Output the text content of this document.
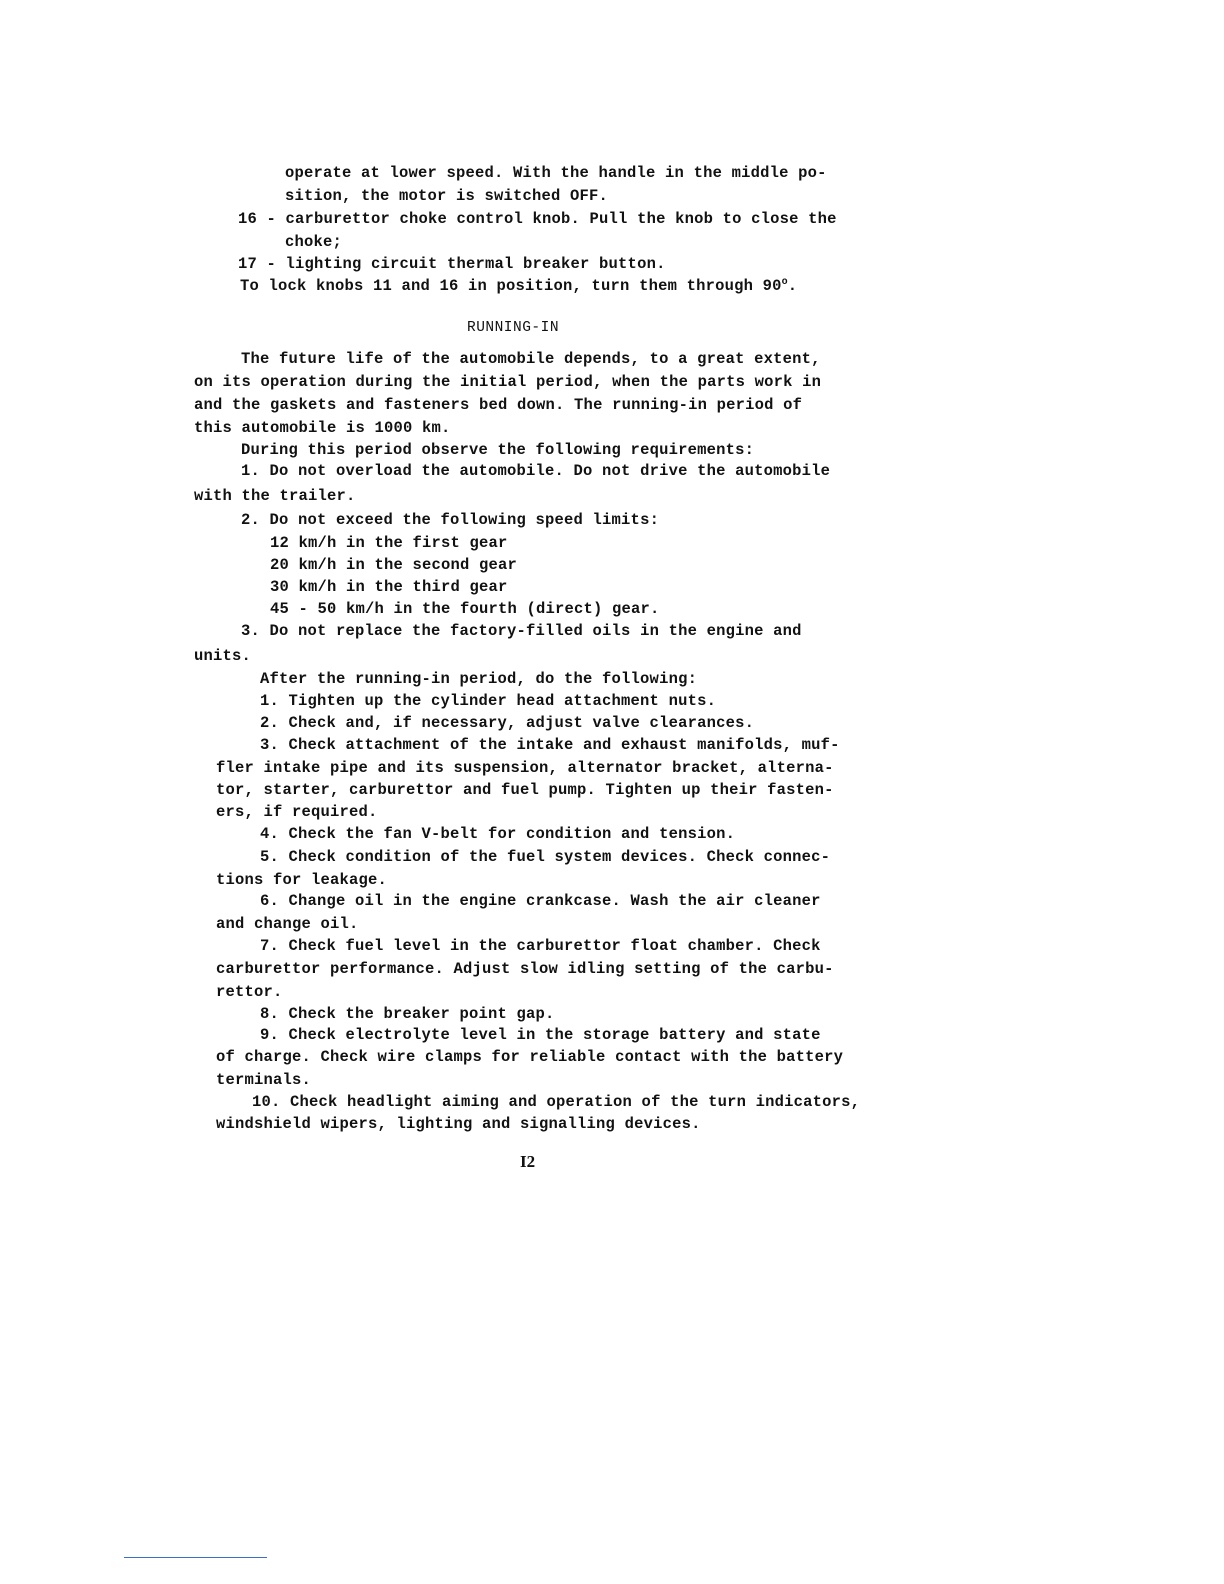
operate at lower speed. With the handle in the middle po-
sition, the motor is switched OFF.
16 - carburettor choke control knob. Pull the knob to close the
choke;
17 - lighting circuit thermal breaker button.
To lock knobs 11 and 16 in position, turn them through 90$^o$.
RUNNING-IN
The future life of the automobile depends, to a great extent,
on its operation during the initial period, when the parts work in
and the gaskets and fasteners bed down. The running-in period of
this automobile is 1000 km.
During this period observe the following requirements:
1. Do not overload the automobile. Do not drive the automobile
with the trailer.
2. Do not exceed the following speed limits:
12 km/h in the first gear
20 km/h in the second gear
30 km/h in the third gear
45 - 50 km/h in the fourth (direct) gear.
3. Do not replace the factory-filled oils in the engine and
units.
After the running-in period, do the following:
1. Tighten up the cylinder head attachment nuts.
2. Check and, if necessary, adjust valve clearances.
3. Check attachment of the intake and exhaust manifolds, muf-
fler intake pipe and its suspension, alternator bracket, alterna-
tor, starter, carburettor and fuel pump. Tighten up their fasten-
ers, if required.
4. Check the fan V-belt for condition and tension.
5. Check condition of the fuel system devices. Check connec-
tions for leakage.
6. Change oil in the engine crankcase. Wash the air cleaner
and change oil.
7. Check fuel level in the carburettor float chamber. Check
carburettor performance. Adjust slow idling setting of the carbu-
rettor.
8. Check the breaker point gap.
9. Check electrolyte level in the storage battery and state
of charge. Check wire clamps for reliable contact with the battery
terminals.
10. Check headlight aiming and operation of the turn indicators,
windshield wipers, lighting and signalling devices.
I2
